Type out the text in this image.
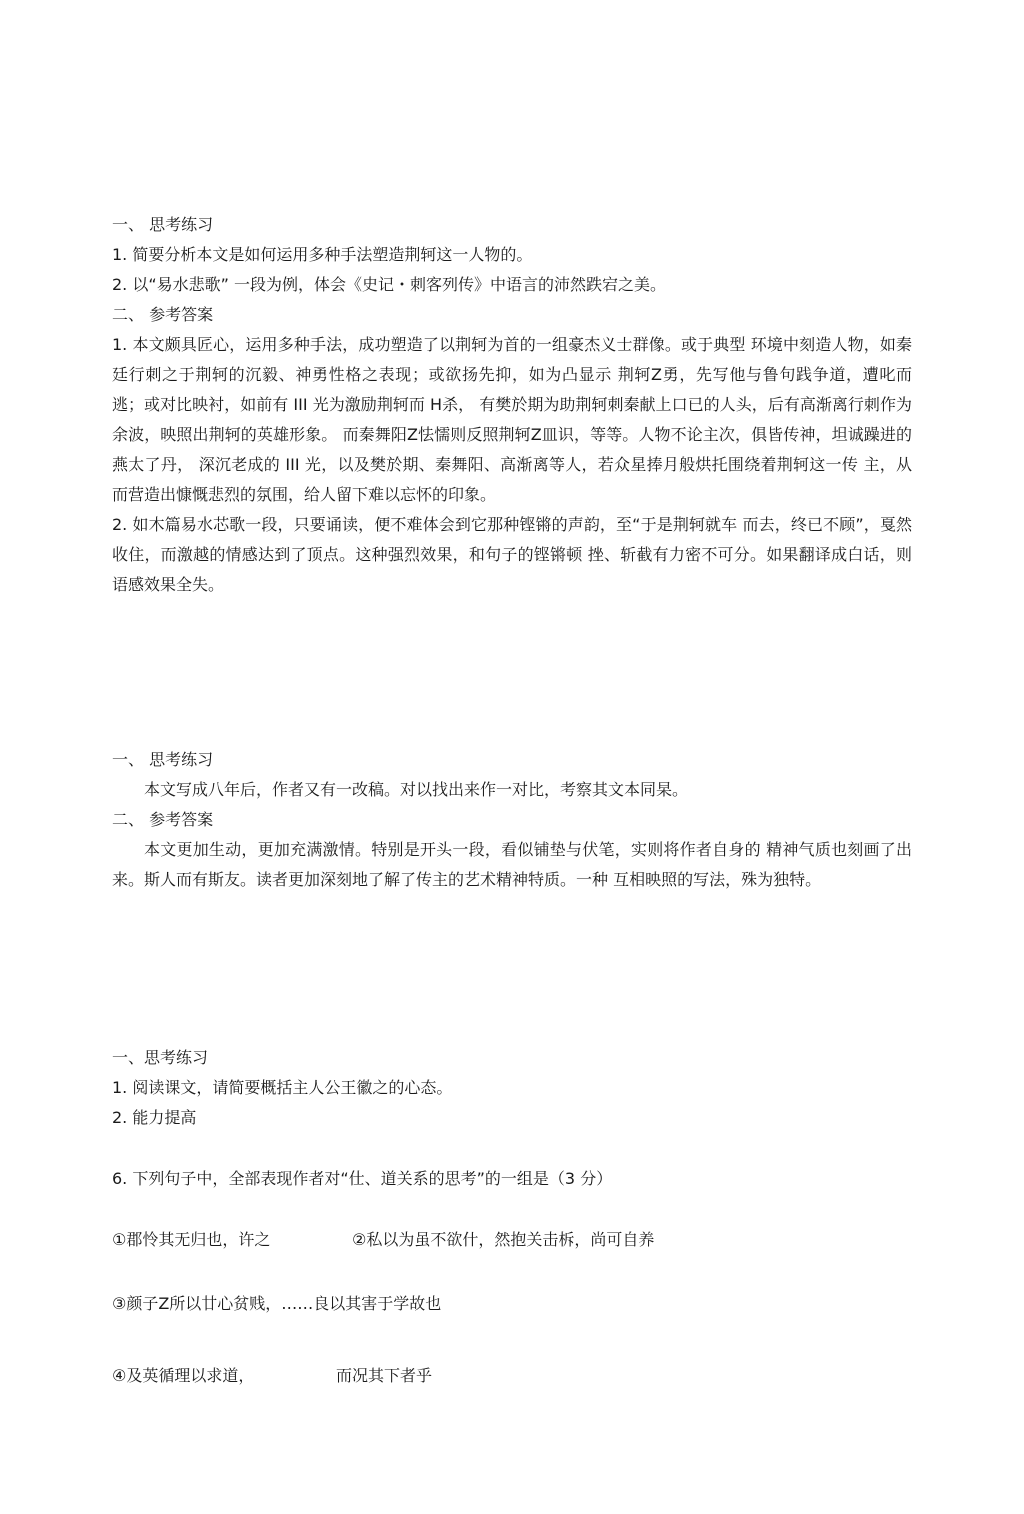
一、 思考练习
1. 简要分析本文是如何运用多种手法塑造荆轲这一人物的。
2. 以“易水悲歌” 一段为例，体会《史记・刺客列传》中语言的沛然跌宕之美。
二、 参考答案
1. 本文颇具匠心，运用多种手法，成功塑造了以荆轲为首的一组豪杰义士群像。或于典型 环境中刻造人物，如秦廷行刺之于荆轲的沉毅、神勇性格之表现；或欲扬先抑，如为凸显示 荆轲Z勇，先写他与鲁句践争道，遭叱而逃；或对比映衬，如前有 III 光为激励荆轲而 H杀， 有樊於期为助荆轲刺秦献上口已的人头，后有高渐离行刺作为余波，映照出荆轲的英雄形象。 而秦舞阳Z怯懦则反照荆轲Z皿识，等等。人物不论主次，俱皆传神，坦诚躁进的燕太了丹， 深沉老成的 III 光，以及樊於期、秦舞阳、高渐离等人，若众星捧月般烘托围绕着荆轲这一传 主，从而营造出慷慨悲烈的氛围，给人留下难以忘怀的印象。
2. 如木篇易水芯歌一段，只要诵读，便不难体会到它那种铿锵的声韵，至“于是荆轲就车 而去，终已不顾”，戛然收住，而激越的情感达到了顶点。这种强烈效果，和句子的铿锵顿 挫、斩截有力密不可分。如果翻译成白话，则语感效果全失。
一、 思考练习
本文写成八年后，作者又有一改稿。对以找出来作一对比，考察其文本同杲。
二、 参考答案
本文更加生动，更加充满激情。特别是开头一段，看似铺垫与伏笔，实则将作者自身的 精神气质也刻画了出来。斯人而有斯友。读者更加深刻地了解了传主的艺术精神特质。一种 互相映照的写法，殊为独特。
一、思考练习
1. 阅读课文，请简要概括主人公王徽之的心态。
2. 能力提高
6. 下列句子中，全部表现作者对“仕、道关系的思考”的一组是（3 分）
①郡怜其无归也，许之	②私以为虽不欲什，然抱关击柝，尚可自养
③颜子Z所以廿心贫贱，……良以其害于学故也
④及英循理以求道，	而况其下者乎
